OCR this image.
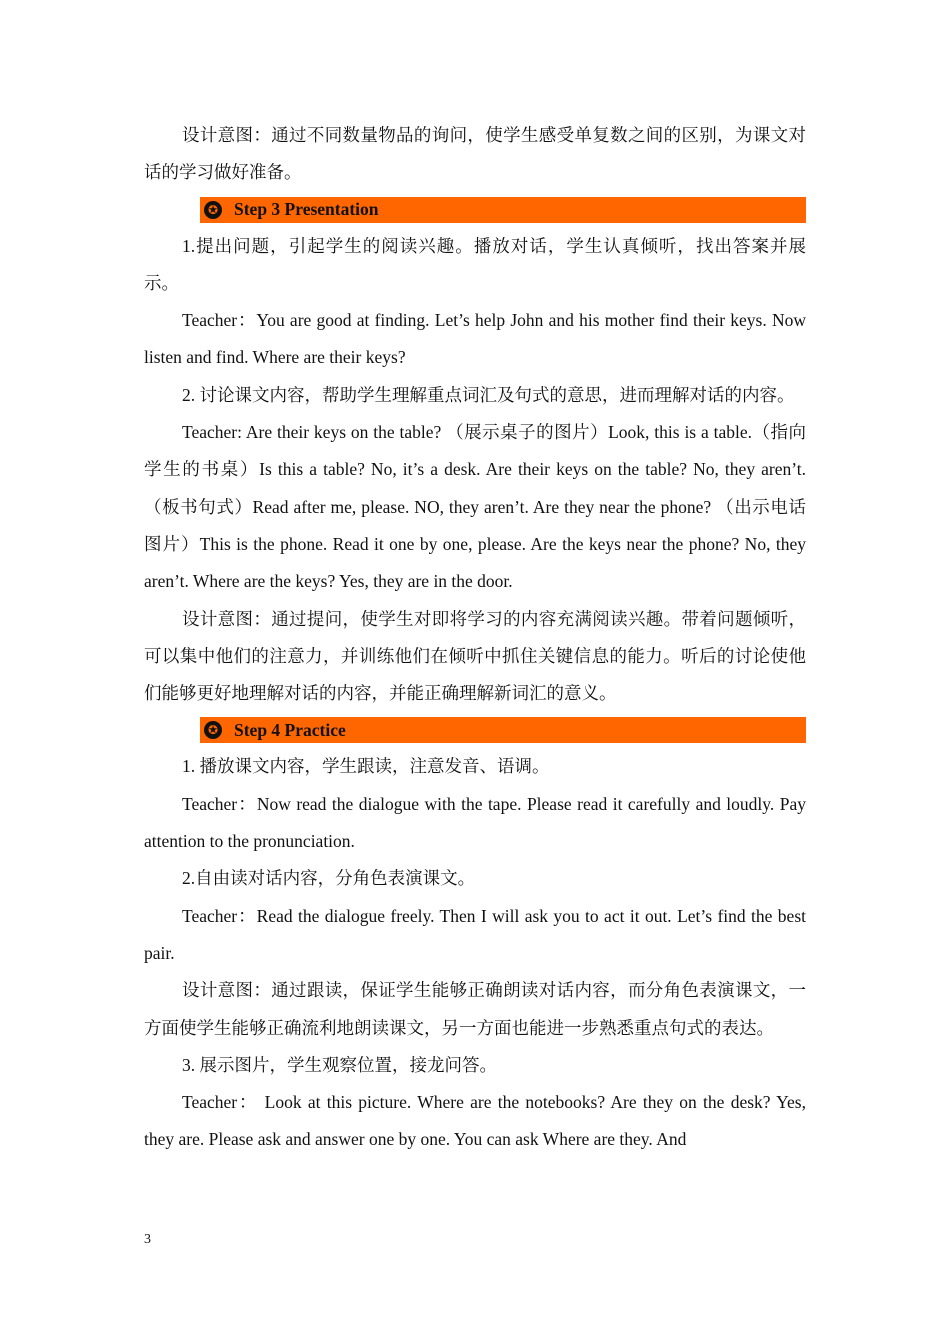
设计意图：通过不同数量物品的询问，使学生感受单复数之间的区别，为课文对话的学习做好准备。

✪ Step 3 Presentation

1.提出问题，引起学生的阅读兴趣。播放对话，学生认真倾听，找出答案并展示。

Teacher：You are good at finding. Let’s help John and his mother find their keys. Now listen and find. Where are their keys?

2. 讨论课文内容，帮助学生理解重点词汇及句式的意思，进而理解对话的内容。

Teacher: Are their keys on the table? （展示桌子的图片）Look, this is a table.（指向学生的书桌）Is this a table? No, it’s a desk. Are their keys on the table? No, they aren’t. （板书句式）Read after me, please. NO, they aren’t. Are they near the phone? （出示电话图片）This is the phone. Read it one by one, please. Are the keys near the phone? No, they aren’t. Where are the keys? Yes, they are in the door.

设计意图：通过提问，使学生对即将学习的内容充满阅读兴趣。带着问题倾听，可以集中他们的注意力，并训练他们在倾听中抓住关键信息的能力。听后的讨论使他们能够更好地理解对话的内容，并能正确理解新词汇的意义。

✪ Step 4 Practice

1. 播放课文内容，学生跟读，注意发音、语调。

Teacher：Now read the dialogue with the tape. Please read it carefully and loudly. Pay attention to the pronunciation.

2.自由读对话内容，分角色表演课文。

Teacher：Read the dialogue freely. Then I will ask you to act it out. Let’s find the best pair.

设计意图：通过跟读，保证学生能够正确朗读对话内容，而分角色表演课文，一方面使学生能够正确流利地朗读课文，另一方面也能进一步熟悉重点句式的表达。

3. 展示图片，学生观察位置，接龙问答。

Teacher： Look at this picture. Where are the notebooks? Are they on the desk? Yes, they are. Please ask and answer one by one. You can ask Where are they. And

3
